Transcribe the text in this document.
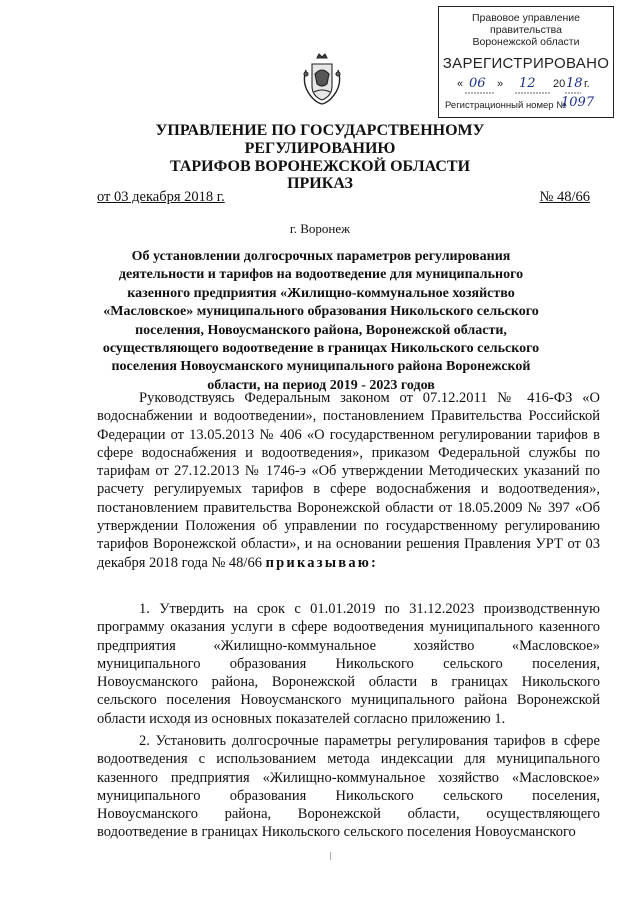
Правовое управление правительства
Воронежской области
ЗАРЕГИСТРИРОВАНО
« 06 » 12 20 18 г.
Регистрационный номер №
1097
УПРАВЛЕНИЕ ПО ГОСУДАРСТВЕННОМУ РЕГУЛИРОВАНИЮ
ТАРИФОВ ВОРОНЕЖСКОЙ ОБЛАСТИ
ПРИКАЗ
от 03 декабря 2018 г.	№ 48/66
г. Воронеж
Об установлении долгосрочных параметров регулирования деятельности и тарифов на водоотведение для муниципального казенного предприятия «Жилищно-коммунальное хозяйство «Масловское» муниципального образования Никольского сельского поселения, Новоусманского района, Воронежской области, осуществляющего водоотведение в границах Никольского сельского поселения Новоусманского муниципального района Воронежской области, на период 2019 - 2023 годов
Руководствуясь Федеральным законом от 07.12.2011 № 416-ФЗ «О водоснабжении и водоотведении», постановлением Правительства Российской Федерации от 13.05.2013 № 406 «О государственном регулировании тарифов в сфере водоснабжения и водоотведения», приказом Федеральной службы по тарифам от 27.12.2013 № 1746-э «Об утверждении Методических указаний по расчету регулируемых тарифов в сфере водоснабжения и водоотведения», постановлением правительства Воронежской области от 18.05.2009 № 397 «Об утверждении Положения об управлении по государственному регулированию тарифов Воронежской области», и на основании решения Правления УРТ от 03 декабря 2018 года № 48/66 приказываю:
1. Утвердить на срок с 01.01.2019 по 31.12.2023 производственную программу оказания услуги в сфере водоотведения муниципального казенного предприятия «Жилищно-коммунальное хозяйство «Масловское» муниципального образования Никольского сельского поселения, Новоусманского района, Воронежской области в границах Никольского сельского поселения Новоусманского муниципального района Воронежской области исходя из основных показателей согласно приложению 1.
2. Установить долгосрочные параметры регулирования тарифов в сфере водоотведения с использованием метода индексации для муниципального казенного предприятия «Жилищно-коммунальное хозяйство «Масловское» муниципального образования Никольского сельского поселения, Новоусманского района, Воронежской области, осуществляющего водоотведение в границах Никольского сельского поселения Новоусманского
